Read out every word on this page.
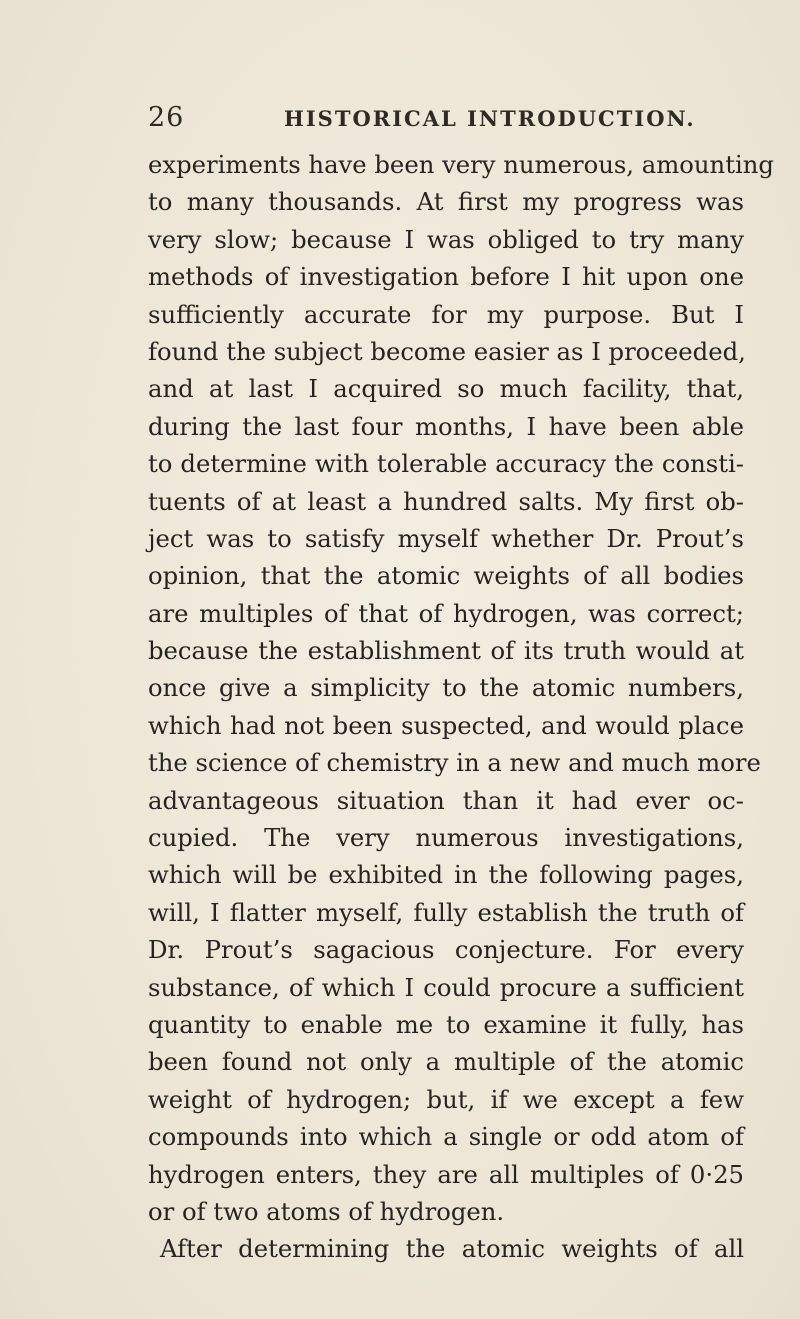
26	HISTORICAL INTRODUCTION.
experiments have been very numerous, amounting
to many thousands. At first my progress was
very slow; because I was obliged to try many
methods of investigation before I hit upon one
sufficiently accurate for my purpose. But I
found the subject become easier as I proceeded,
and at last I acquired so much facility, that,
during the last four months, I have been able
to determine with tolerable accuracy the consti-
tuents of at least a hundred salts. My first ob-
ject was to satisfy myself whether Dr. Prout’s
opinion, that the atomic weights of all bodies
are multiples of that of hydrogen, was correct;
because the establishment of its truth would at
once give a simplicity to the atomic numbers,
which had not been suspected, and would place
the science of chemistry in a new and much more
advantageous situation than it had ever oc-
cupied. The very numerous investigations,
which will be exhibited in the following pages,
will, I flatter myself, fully establish the truth of
Dr. Prout’s sagacious conjecture. For every
substance, of which I could procure a sufficient
quantity to enable me to examine it fully, has
been found not only a multiple of the atomic
weight of hydrogen; but, if we except a few
compounds into which a single or odd atom of
hydrogen enters, they are all multiples of 0·25
or of two atoms of hydrogen.
After determining the atomic weights of all
